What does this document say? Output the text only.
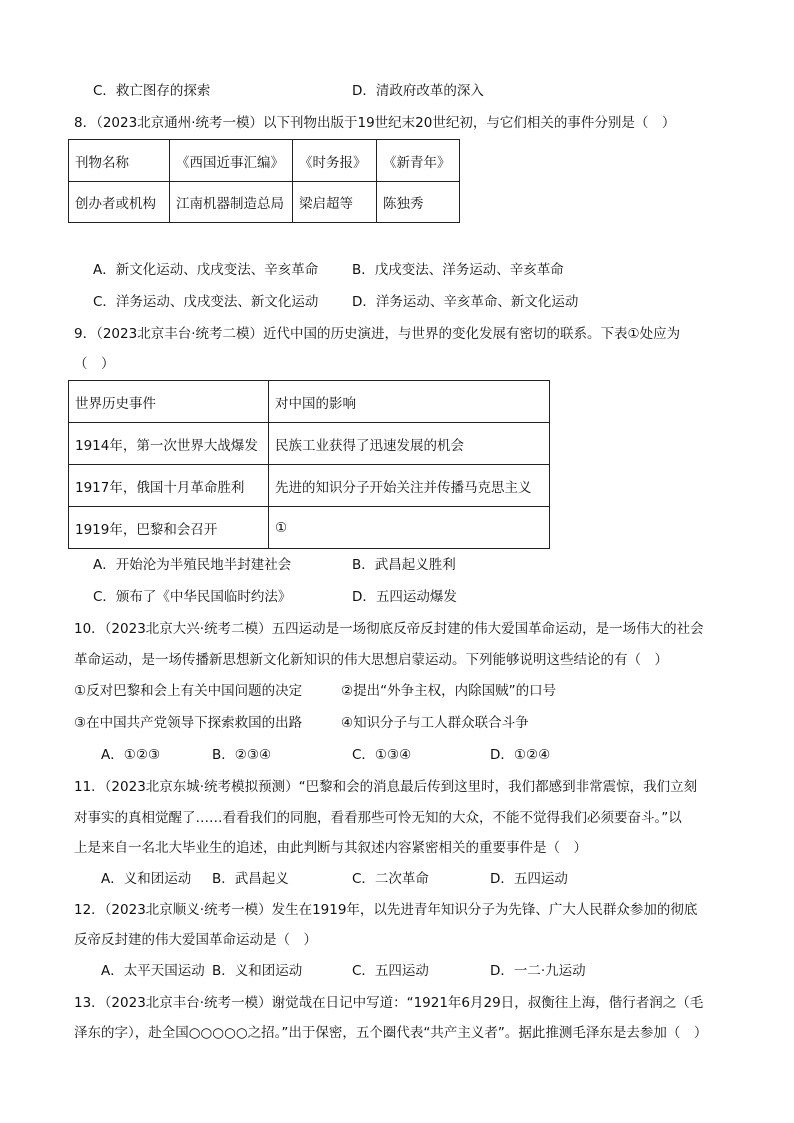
C．救亡图存的探索	D．清政府改革的深入
8．（2023北京通州·统考一模）以下刊物出版于19世纪末20世纪初，与它们相关的事件分别是（　）
刊物名称	《西国近事汇编》	《时务报》	《新青年》
创办者或机构	江南机器制造总局	梁启超等	陈独秀
A．新文化运动、戊戌变法、辛亥革命	B．戊戌变法、洋务运动、辛亥革命
C．洋务运动、戊戌变法、新文化运动 D．洋务运动、辛亥革命、新文化运动
9．（2023北京丰台·统考二模）近代中国的历史演进，与世界的变化发展有密切的联系。下表①处应为
（　）
世界历史事件	对中国的影响
1914年，第一次世界大战爆发	民族工业获得了迅速发展的机会
1917年，俄国十月革命胜利	先进的知识分子开始关注并传播马克思主义
1919年，巴黎和会召开	①
A．开始沦为半殖民地半封建社会	B．武昌起义胜利
C．颁布了《中华民国临时约法》	D．五四运动爆发
10．（2023北京大兴·统考二模）五四运动是一场彻底反帝反封建的伟大爱国革命运动，是一场伟大的社会
革命运动，是一场传播新思想新文化新知识的伟大思想启蒙运动。下列能够说明这些结论的有（　）
①反对巴黎和会上有关中国问题的决定	②提出“外争主权，内除国贼”的口号
③在中国共产党领导下探索救国的出路	④知识分子与工人群众联合斗争
A．①②③	B．②③④	C．①③④	D．①②④
11．（2023北京东城·统考模拟预测）“巴黎和会的消息最后传到这里时，我们都感到非常震惊，我们立刻
对事实的真相觉醒了……看看我们的同胞，看看那些可怜无知的大众，不能不觉得我们必须要奋斗。”以
上是来自一名北大毕业生的追述，由此判断与其叙述内容紧密相关的重要事件是（　）
A．义和团运动 B．武昌起义	C．二次革命	D．五四运动
12．（2023北京顺义·统考一模）发生在1919年，以先进青年知识分子为先锋、广大人民群众参加的彻底
反帝反封建的伟大爱国革命运动是（　）
A．太平天国运动 B．义和团运动	C．五四运动	D．一二·九运动
13．（2023北京丰台·统考一模）谢觉哉在日记中写道：“1921年6月29日，叔衡往上海，偕行者润之（毛
泽东的字），赴全国○○○○○之招。”出于保密，五个圈代表“共产主义者”。据此推测毛泽东是去参加（　）
